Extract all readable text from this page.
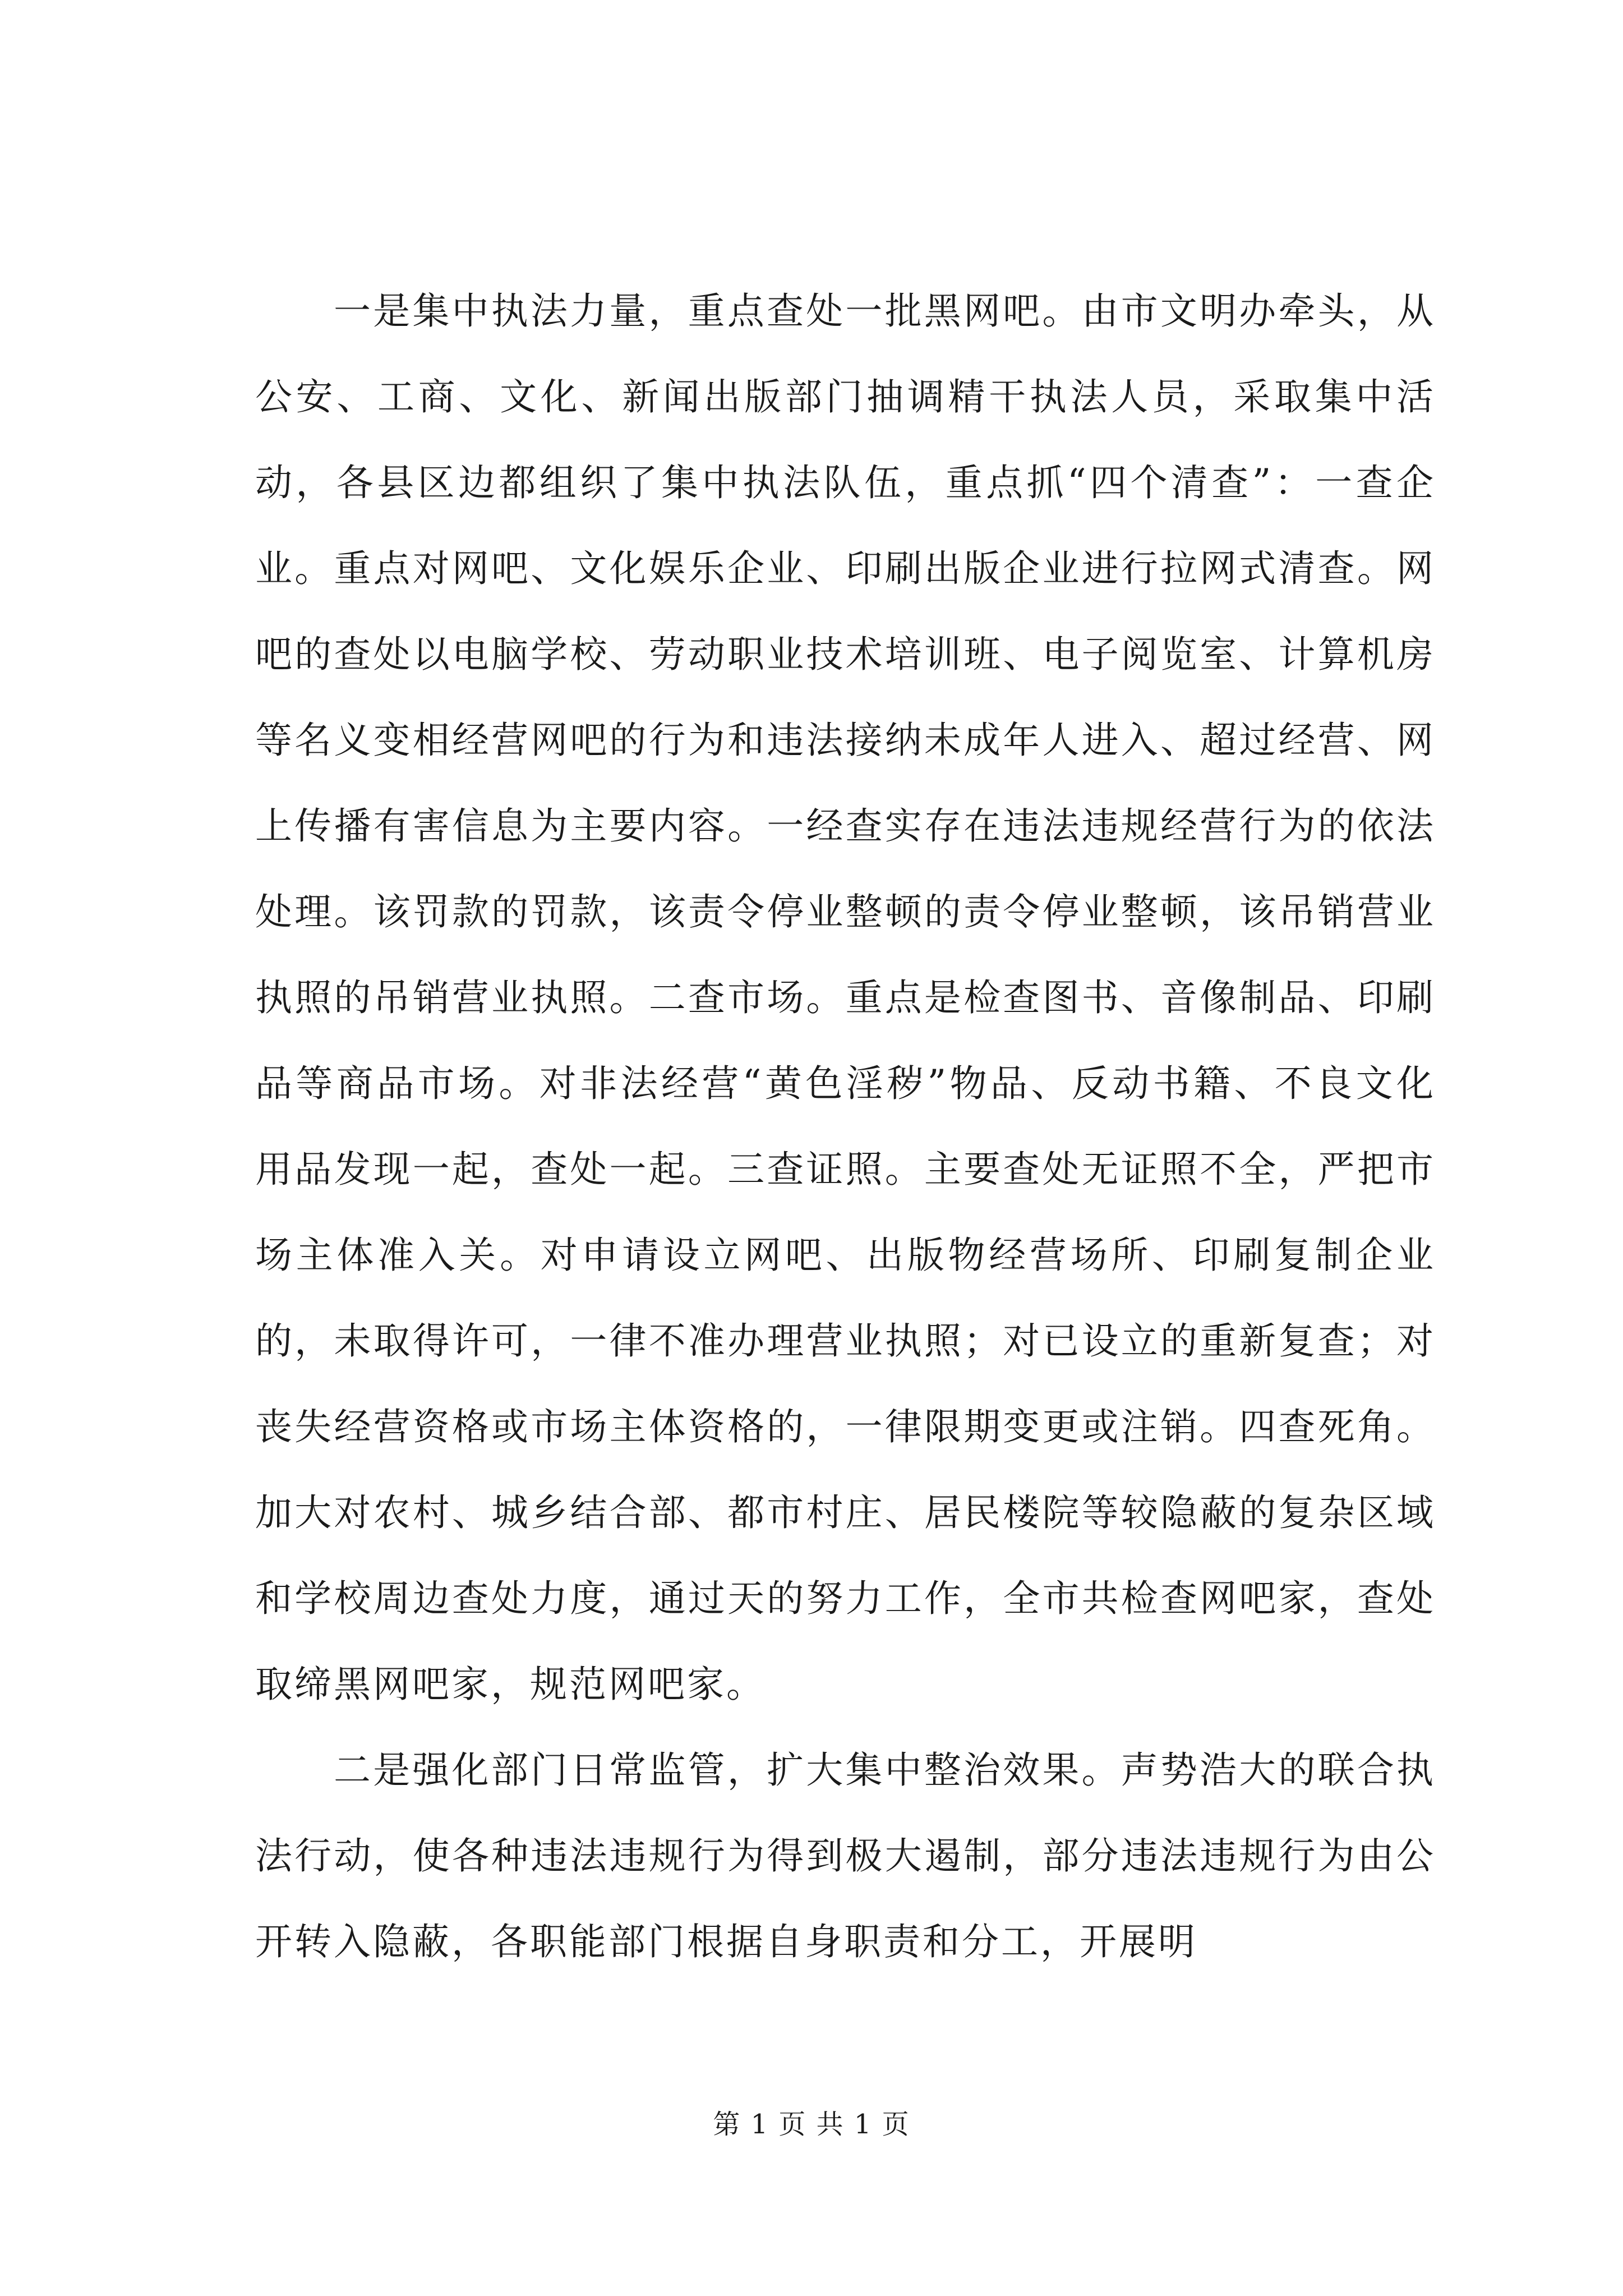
一是集中执法力量，重点查处一批黑网吧。由市文明办牵头，从公安、工商、文化、新闻出版部门抽调精干执法人员，采取集中活动，各县区边都组织了集中执法队伍，重点抓“四个清查”：一查企业。重点对网吧、文化娱乐企业、印刷出版企业进行拉网式清查。网吧的查处以电脑学校、劳动职业技术培训班、电子阅览室、计算机房等名义变相经营网吧的行为和违法接纳未成年人进入、超过经营、网上传播有害信息为主要内容。一经查实存在违法违规经营行为的依法处理。该罚款的罚款，该责令停业整顿的责令停业整顿，该吊销营业执照的吊销营业执照。二查市场。重点是检查图书、音像制品、印刷品等商品市场。对非法经营“黄色淫秽”物品、反动书籍、不良文化用品发现一起，查处一起。三查证照。主要查处无证照不全，严把市场主体准入关。对申请设立网吧、出版物经营场所、印刷复制企业的，未取得许可，一律不准办理营业执照；对已设立的重新复查；对丧失经营资格或市场主体资格的，一律限期变更或注销。四查死角。加大对农村、城乡结合部、都市村庄、居民楼院等较隐蔽的复杂区域和学校周边查处力度，通过天的努力工作，全市共检查网吧家，查处取缔黑网吧家，规范网吧家。

二是强化部门日常监管，扩大集中整治效果。声势浩大的联合执法行动，使各种违法违规行为得到极大遏制，部分违法违规行为由公开转入隐蔽，各职能部门根据自身职责和分工，开展明

第 1 页 共 1 页
